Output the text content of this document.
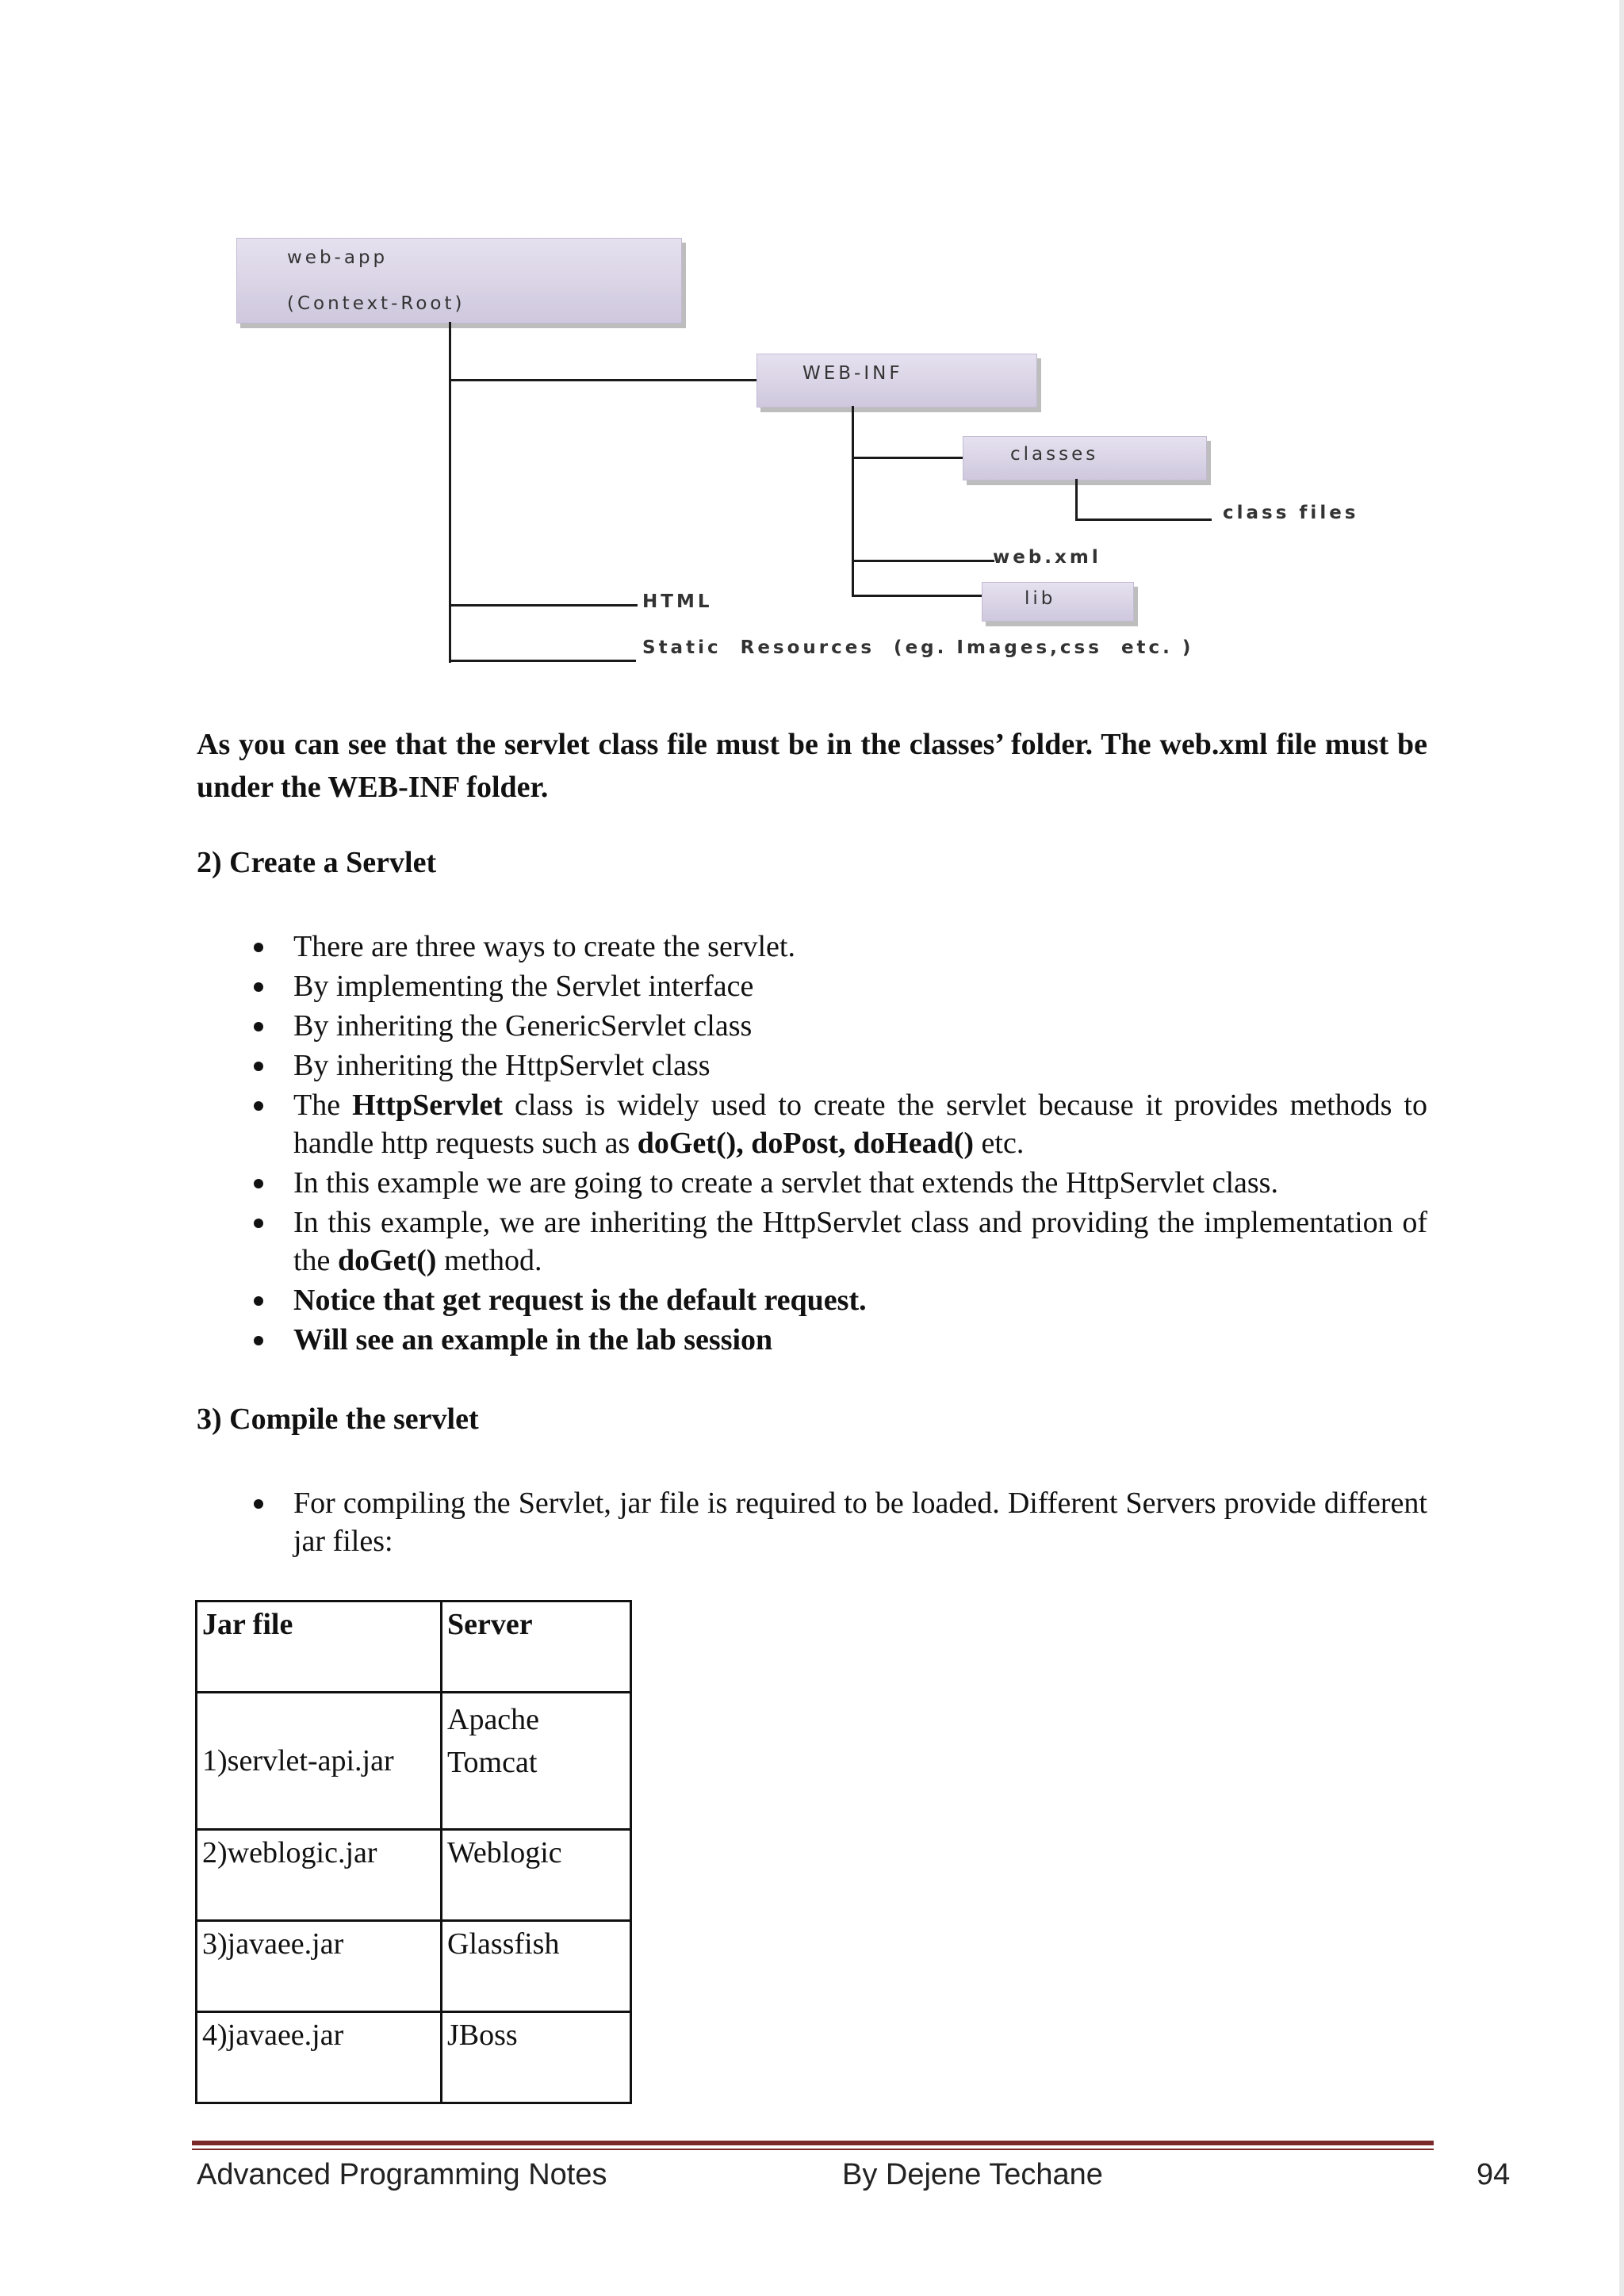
web-app

(Context-Root)

WEB-INF

classes

class files

web.xml

lib

HTML

Static  Resources  (eg. Images,css  etc. )

As you can see that the servlet class file must be in the classes’ folder. The web.xml file must be under the WEB-INF folder.

2) Create a Servlet

There are three ways to create the servlet.
By implementing the Servlet interface
By inheriting the GenericServlet class
By inheriting the HttpServlet class
The HttpServlet class is widely used to create the servlet because it provides methods to handle http requests such as doGet(), doPost, doHead() etc.
In this example we are going to create a servlet that extends the HttpServlet class.
In this example, we are inheriting the HttpServlet class and providing the implementation of the doGet() method.
Notice that get request is the default request.
Will see an example in the lab session

3) Compile the servlet

For compiling the Servlet, jar file is required to be loaded. Different Servers provide different jar files:
Jar file	Server
1)servlet-api.jar	Apache
Tomcat
2)weblogic.jar	Weblogic
3)javaee.jar	Glassfish
4)javaee.jar	JBoss

Advanced Programming Notes	By Dejene Techane	94
